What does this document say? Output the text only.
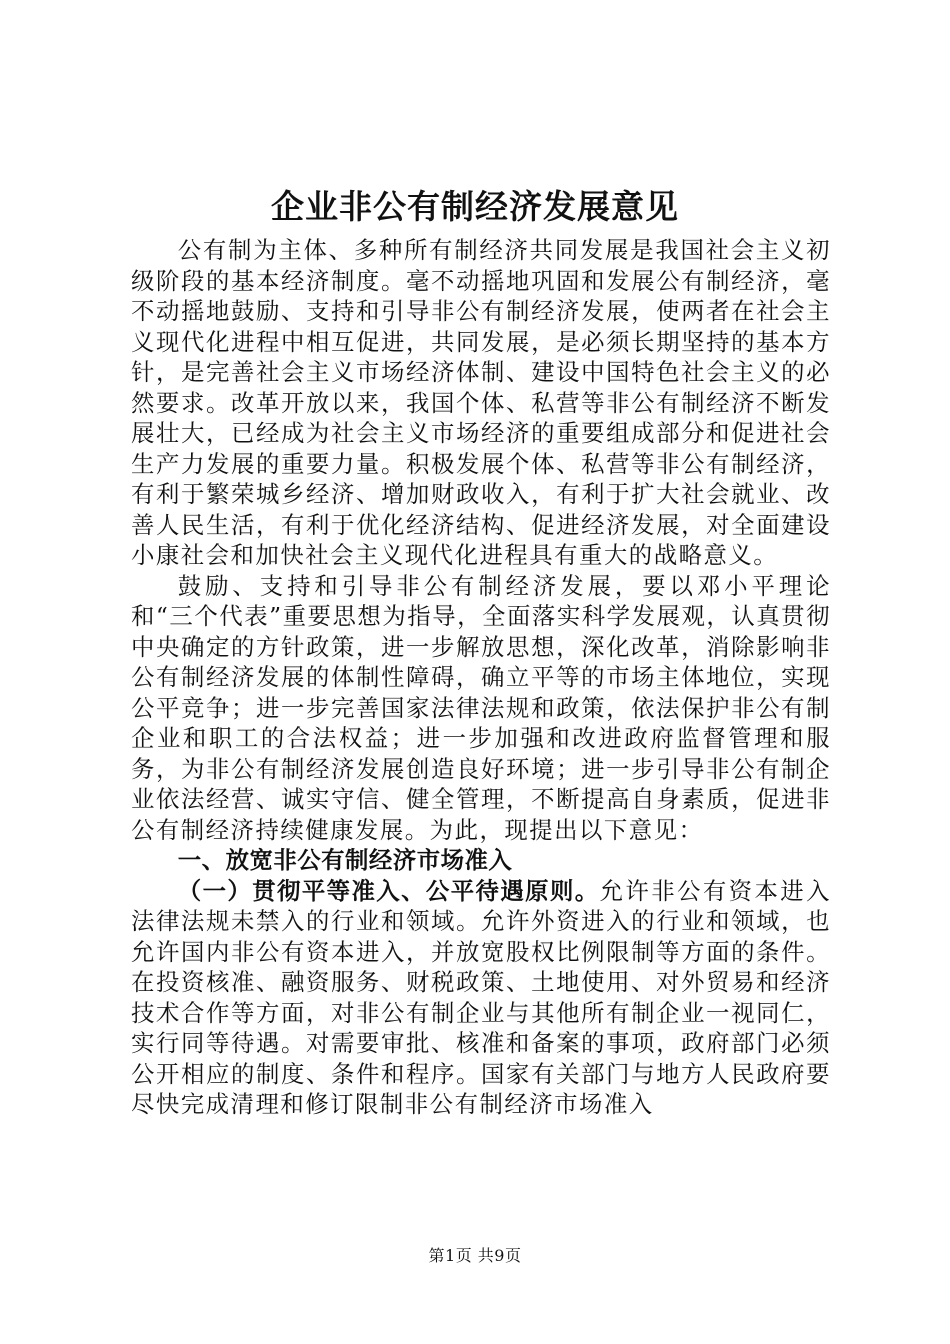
企业非公有制经济发展意见

公有制为主体、多种所有制经济共同发展是我国社会主义初级阶段的基本经济制度。毫不动摇地巩固和发展公有制经济，毫不动摇地鼓励、支持和引导非公有制经济发展，使两者在社会主义现代化进程中相互促进，共同发展，是必须长期坚持的基本方针，是完善社会主义市场经济体制、建设中国特色社会主义的必然要求。改革开放以来，我国个体、私营等非公有制经济不断发展壮大，已经成为社会主义市场经济的重要组成部分和促进社会生产力发展的重要力量。积极发展个体、私营等非公有制经济，有利于繁荣城乡经济、增加财政收入，有利于扩大社会就业、改善人民生活，有利于优化经济结构、促进经济发展，对全面建设小康社会和加快社会主义现代化进程具有重大的战略意义。

鼓励、支持和引导非公有制经济发展，要以邓小平理论和“三个代表”重要思想为指导，全面落实科学发展观，认真贯彻中央确定的方针政策，进一步解放思想，深化改革，消除影响非公有制经济发展的体制性障碍，确立平等的市场主体地位，实现公平竞争；进一步完善国家法律法规和政策，依法保护非公有制企业和职工的合法权益；进一步加强和改进政府监督管理和服务，为非公有制经济发展创造良好环境；进一步引导非公有制企业依法经营、诚实守信、健全管理，不断提高自身素质，促进非公有制经济持续健康发展。为此，现提出以下意见：

一、放宽非公有制经济市场准入

（一）贯彻平等准入、公平待遇原则。允许非公有资本进入法律法规未禁入的行业和领域。允许外资进入的行业和领域，也允许国内非公有资本进入，并放宽股权比例限制等方面的条件。在投资核准、融资服务、财税政策、土地使用、对外贸易和经济技术合作等方面，对非公有制企业与其他所有制企业一视同仁，实行同等待遇。对需要审批、核准和备案的事项，政府部门必须公开相应的制度、条件和程序。国家有关部门与地方人民政府要尽快完成清理和修订限制非公有制经济市场准入

第1页 共9页
